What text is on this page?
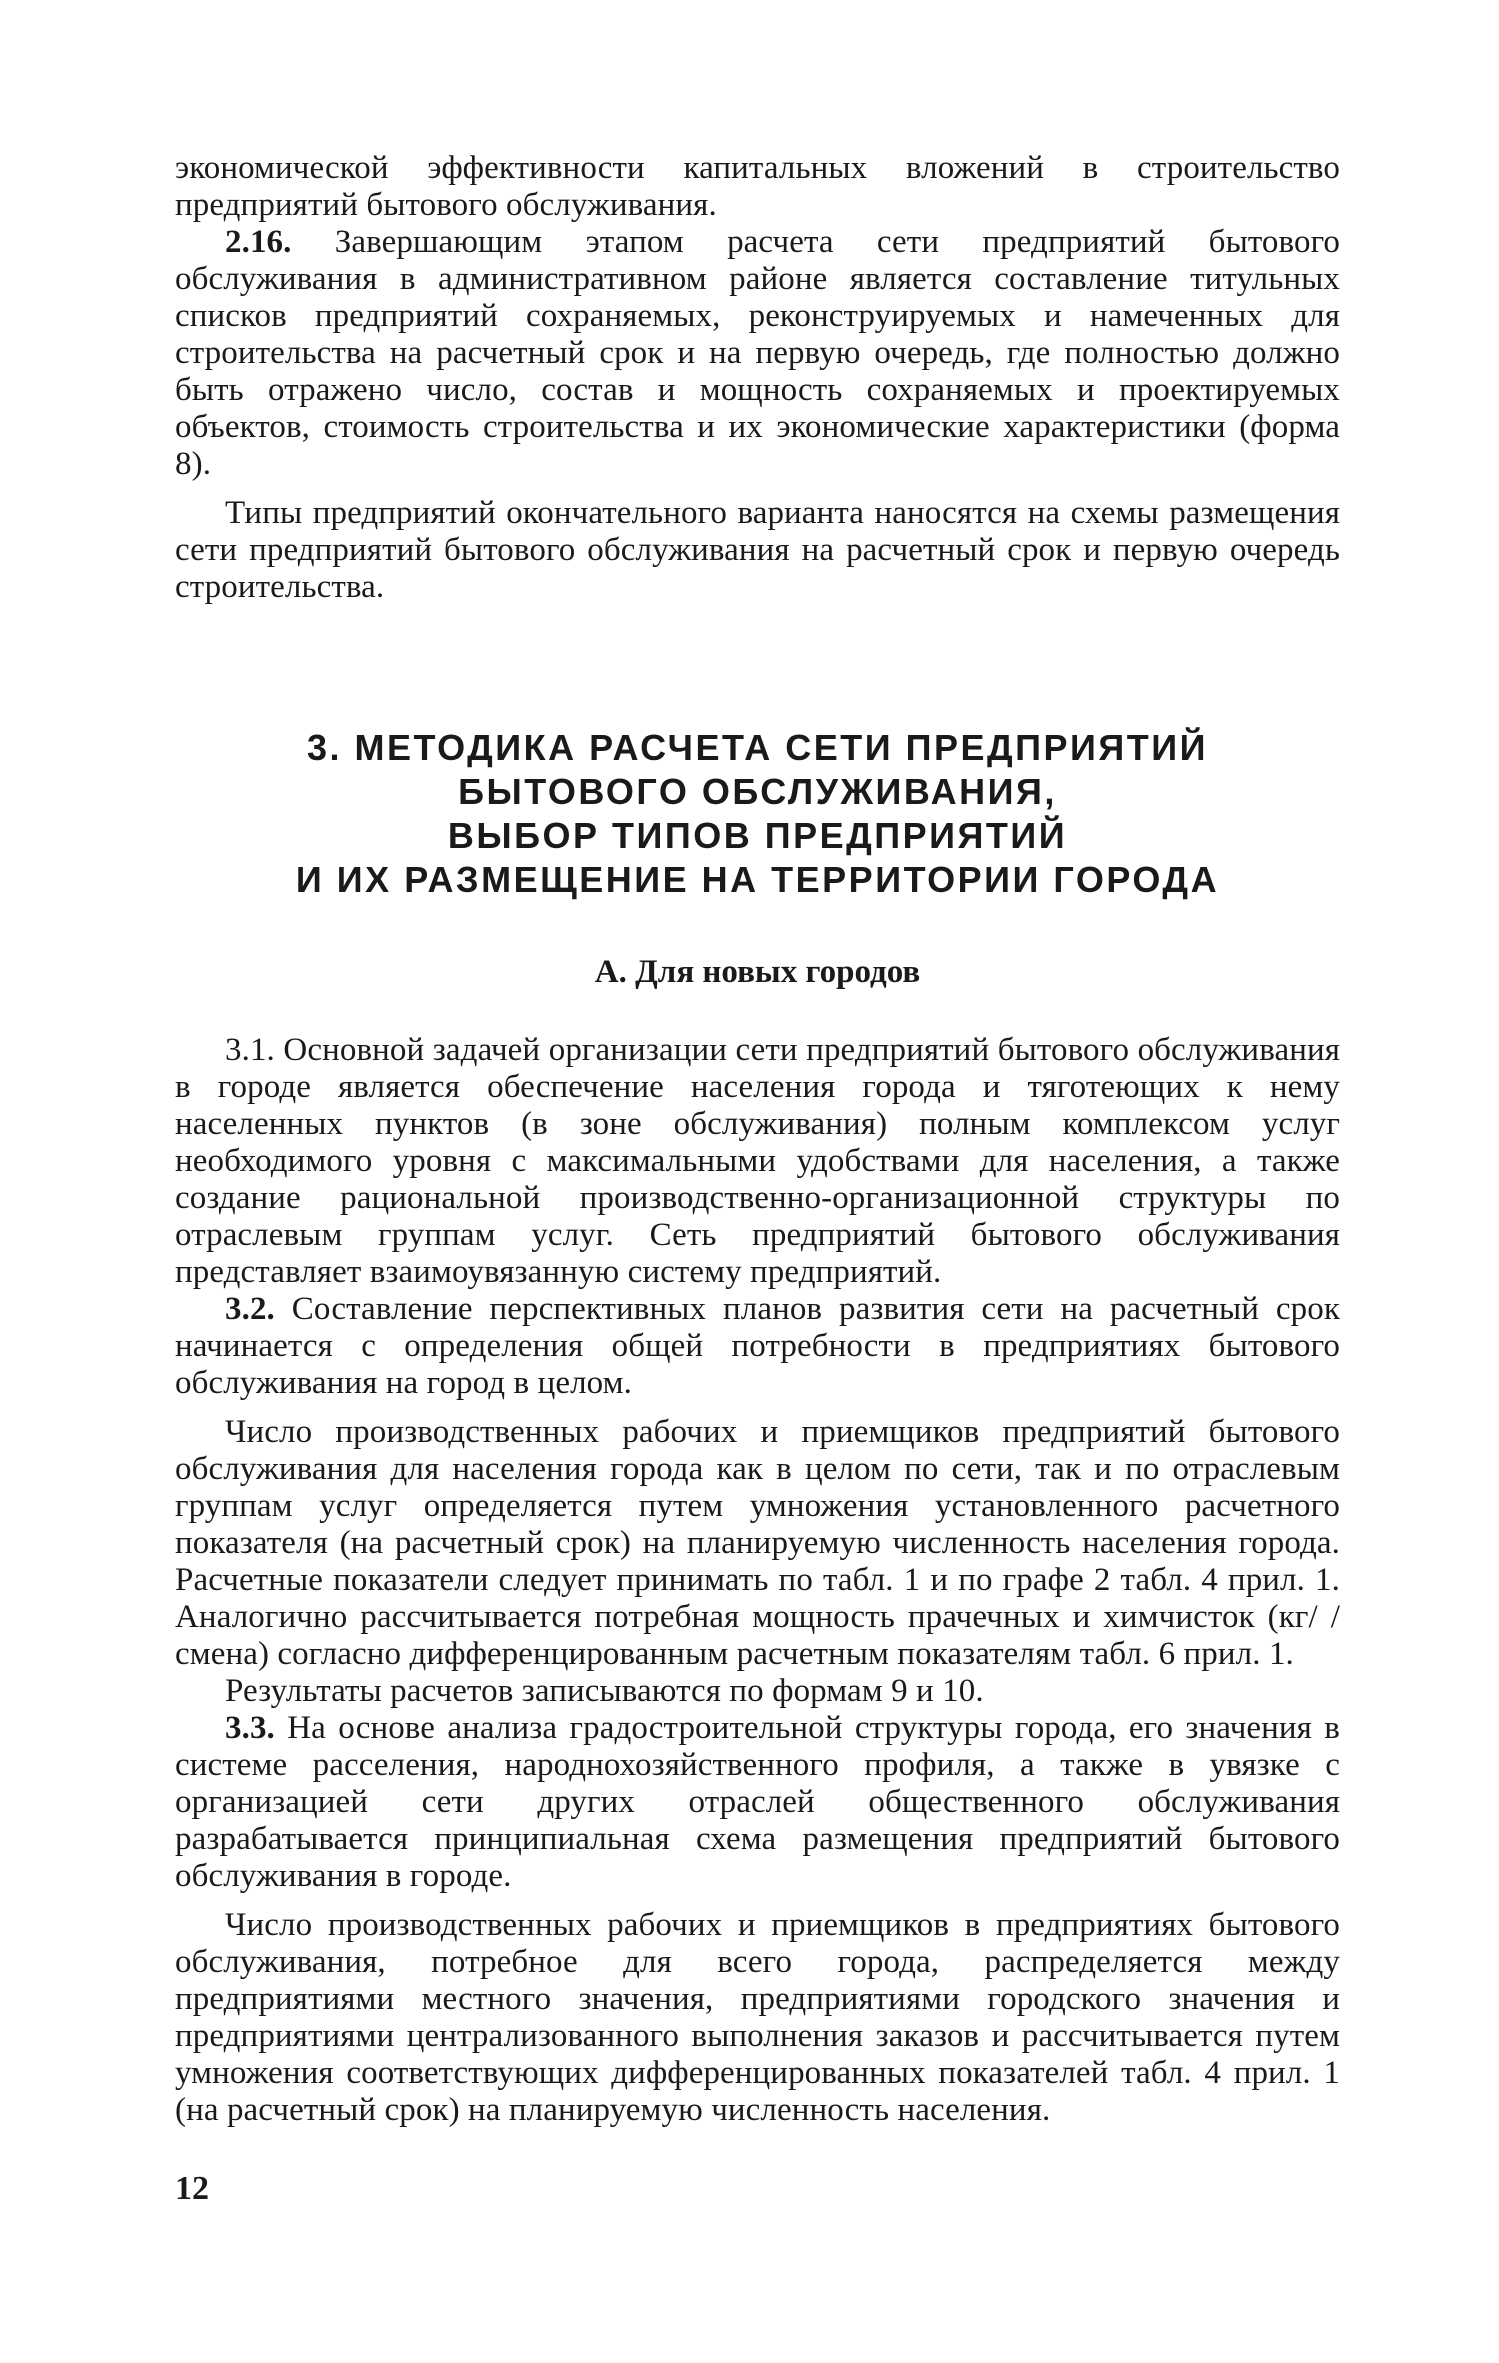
экономической эффективности капитальных вложений в строительство предприятий бытового обслуживания.

2.16. Завершающим этапом расчета сети предприятий бытового обслуживания в административном районе является составление титульных списков предприятий сохраняемых, реконструируемых и намеченных для строительства на расчетный срок и на первую очередь, где полностью должно быть отражено число, состав и мощность сохраняемых и проектируемых объектов, стоимость строительства и их экономические характеристики (форма 8).

Типы предприятий окончательного варианта наносятся на схемы размещения сети предприятий бытового обслуживания на расчетный срок и первую очередь строительства.

3. МЕТОДИКА РАСЧЕТА СЕТИ ПРЕДПРИЯТИЙ
БЫТОВОГО ОБСЛУЖИВАНИЯ,
ВЫБОР ТИПОВ ПРЕДПРИЯТИЙ
И ИХ РАЗМЕЩЕНИЕ НА ТЕРРИТОРИИ ГОРОДА
А. Для новых городов

3.1. Основной задачей организации сети предприятий бытового обслуживания в городе является обеспечение населения города и тяготеющих к нему населенных пунктов (в зоне обслуживания) полным комплексом услуг необходимого уровня с максимальными удобствами для населения, а также создание рациональной производственно-организационной структуры по отраслевым группам услуг. Сеть предприятий бытового обслуживания представляет взаимоувязанную систему предприятий.

3.2. Составление перспективных планов развития сети на расчетный срок начинается с определения общей потребности в предприятиях бытового обслуживания на город в целом.

Число производственных рабочих и приемщиков предприятий бытового обслуживания для населения города как в целом по сети, так и по отраслевым группам услуг определяется путем умножения установленного расчетного показателя (на расчетный срок) на планируемую численность населения города. Расчетные показатели следует принимать по табл. 1 и по графе 2 табл. 4 прил. 1. Аналогично рассчитывается потребная мощность прачечных и химчисток (кг/ /смена) согласно дифференцированным расчетным показателям табл. 6 прил. 1.

Результаты расчетов записываются по формам 9 и 10.

3.3. На основе анализа градостроительной структуры города, его значения в системе расселения, народнохозяйственного профиля, а также в увязке с организацией сети других отраслей общественного обслуживания разрабатывается принципиальная схема размещения предприятий бытового обслуживания в городе.

Число производственных рабочих и приемщиков в предприятиях бытового обслуживания, потребное для всего города, распределяется между предприятиями местного значения, предприятиями городского значения и предприятиями централизованного выполнения заказов и рассчитывается путем умножения соответствующих дифференцированных показателей табл. 4 прил. 1 (на расчетный срок) на планируемую численность населения.

12
